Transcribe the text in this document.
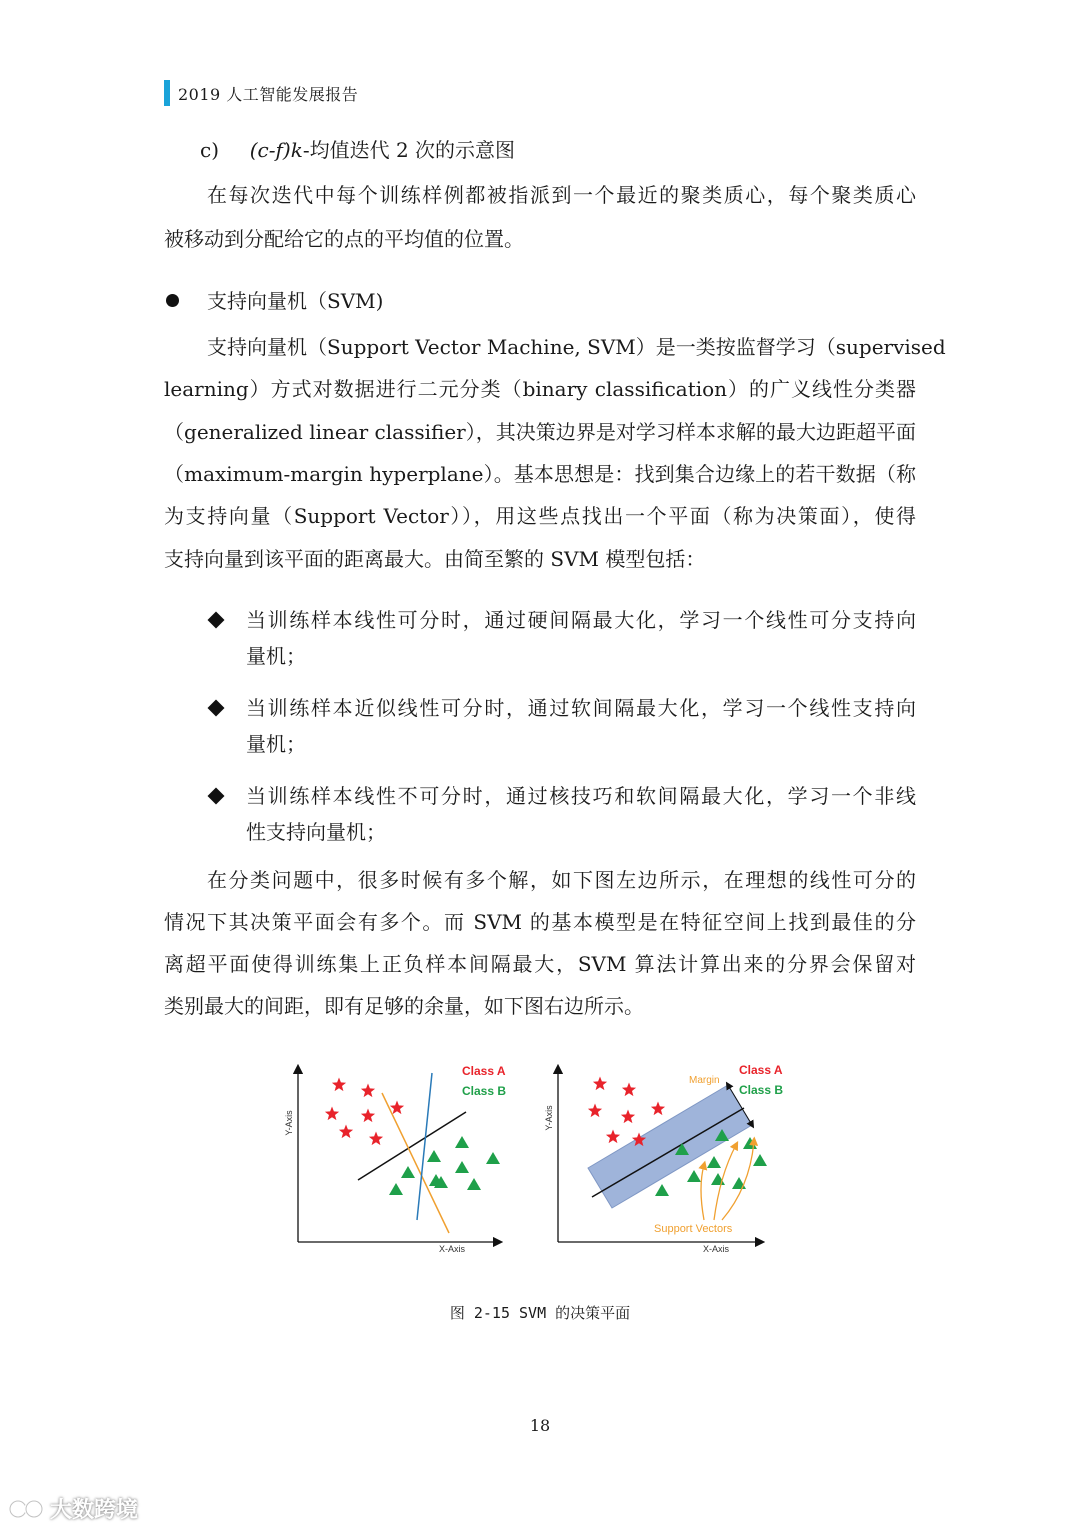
2019 人工智能发展报告
c) (c-f)k-均值迭代 2 次的示意图
在每次迭代中每个训练样例都被指派到一个最近的聚类质心，每个聚类质心
被移动到分配给它的点的平均值的位置。
支持向量机（SVM)
支持向量机（Support Vector Machine, SVM）是一类按监督学习（supervised
learning）方式对数据进行二元分类（binary classification）的广义线性分类器
（generalized linear classifier），其决策边界是对学习样本求解的最大边距超平面
（maximum-margin hyperplane）。基本思想是：找到集合边缘上的若干数据（称
为支持向量（Support Vector）），用这些点找出一个平面（称为决策面），使得
支持向量到该平面的距离最大。由简至繁的 SVM 模型包括：
当训练样本线性可分时，通过硬间隔最大化，学习一个线性可分支持向
量机；
当训练样本近似线性可分时，通过软间隔最大化，学习一个线性支持向
量机；
当训练样本线性不可分时，通过核技巧和软间隔最大化，学习一个非线
性支持向量机；
在分类问题中，很多时候有多个解，如下图左边所示，在理想的线性可分的
情况下其决策平面会有多个。而 SVM 的基本模型是在特征空间上找到最佳的分
离超平面使得训练集上正负样本间隔最大，SVM 算法计算出来的分界会保留对
类别最大的间距，即有足够的余量，如下图右边所示。
Y-Axis
X-Axis
Class A
Class B
Y-Axis
X-Axis
Margin
Support Vectors
Class A
Class B
图 2-15 SVM 的决策平面
18
大数跨境
